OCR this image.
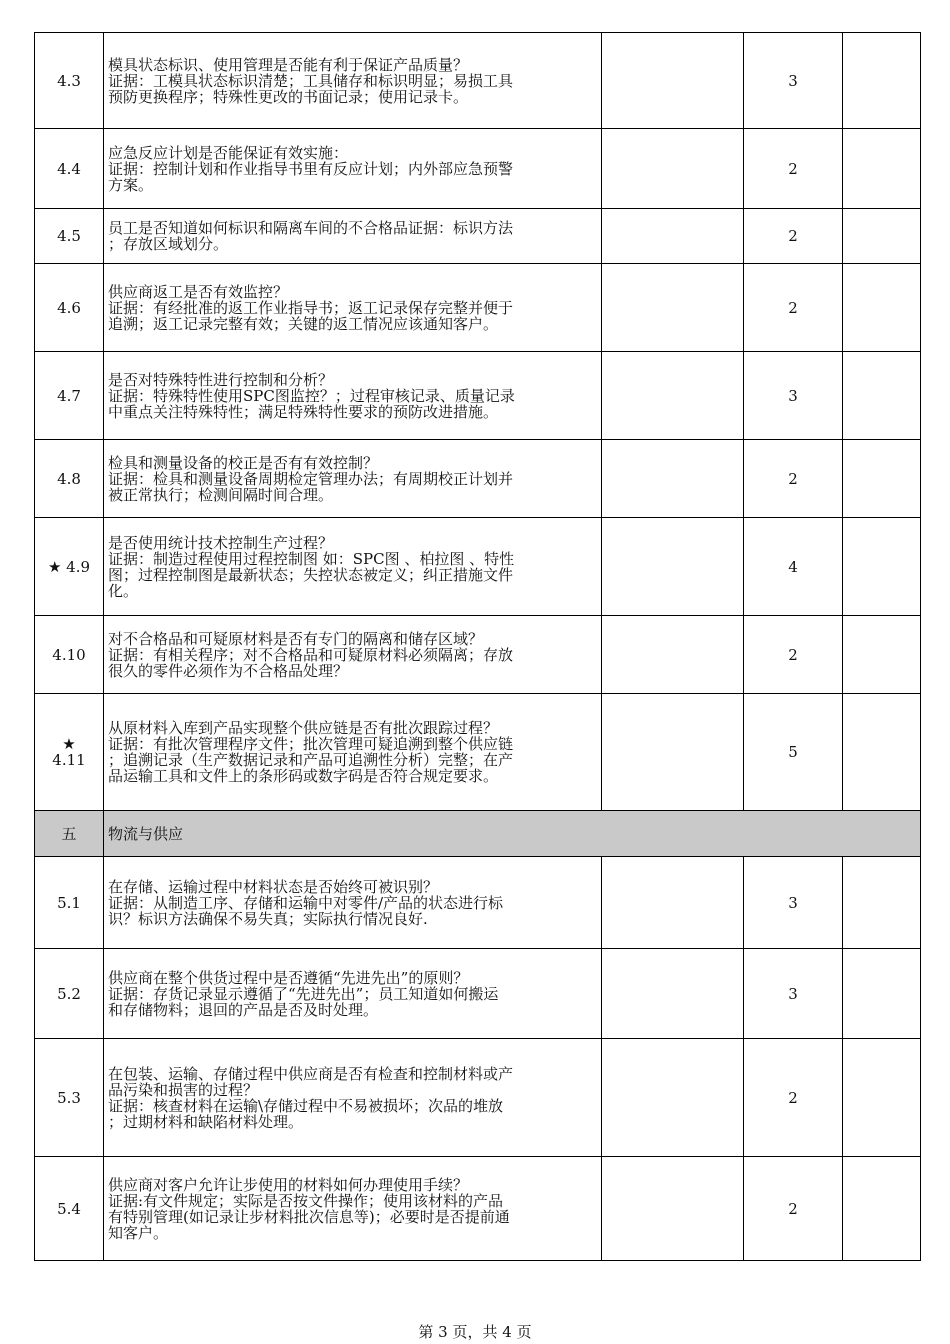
4.3	模具状态标识、使用管理是否能有利于保证产品质量？
证据：工模具状态标识清楚；工具储存和标识明显；易损工具
预防更换程序；特殊性更改的书面记录；使用记录卡。		3	
4.4	应急反应计划是否能保证有效实施：
证据：控制计划和作业指导书里有反应计划；内外部应急预警
方案。		2	
4.5	员工是否知道如何标识和隔离车间的不合格品证据：标识方法
；存放区域划分。		2	
4.6	供应商返工是否有效监控？
证据：有经批准的返工作业指导书；返工记录保存完整并便于
追溯；返工记录完整有效；关键的返工情况应该通知客户。		2	
4.7	是否对特殊特性进行控制和分析？
证据：特殊特性使用SPC图监控？；过程审核记录、质量记录
中重点关注特殊特性；满足特殊特性要求的预防改进措施。		3	
4.8	检具和测量设备的校正是否有有效控制？
证据：检具和测量设备周期检定管理办法；有周期校正计划并
被正常执行；检测间隔时间合理。		2	
★ 4.9	是否使用统计技术控制生产过程？
证据：制造过程使用过程控制图 如：SPC图 、柏拉图 、特性
图；过程控制图是最新状态；失控状态被定义；纠正措施文件
化。		4	
4.10	对不合格品和可疑原材料是否有专门的隔离和储存区域？
证据：有相关程序；对不合格品和可疑原材料必须隔离；存放
很久的零件必须作为不合格品处理？		2	

★
4.11	从原材料入库到产品实现整个供应链是否有批次跟踪过程？
证据：有批次管理程序文件；批次管理可疑追溯到整个供应链
；追溯记录（生产数据记录和产品可追溯性分析）完整；在产
品运输工具和文件上的条形码或数字码是否符合规定要求。		5	
五	物流与供应			
5.1	在存储、运输过程中材料状态是否始终可被识别？
证据：从制造工序、存储和运输中对零件/产品的状态进行标
识？标识方法确保不易失真；实际执行情况良好.		3	
5.2	供应商在整个供货过程中是否遵循“先进先出”的原则？
证据：存货记录显示遵循了“先进先出”；员工知道如何搬运
和存储物料；退回的产品是否及时处理。		3	
5.3	在包装、运输、存储过程中供应商是否有检查和控制材料或产
品污染和损害的过程？
证据：核查材料在运输\存储过程中不易被损坏；次品的堆放
；过期材料和缺陷材料处理。		2	
5.4	供应商对客户允许让步使用的材料如何办理使用手续？
证据:有文件规定；实际是否按文件操作；使用该材料的产品
有特别管理(如记录让步材料批次信息等)；必要时是否提前通
知客户。		2	
第 3 页，共 4 页
